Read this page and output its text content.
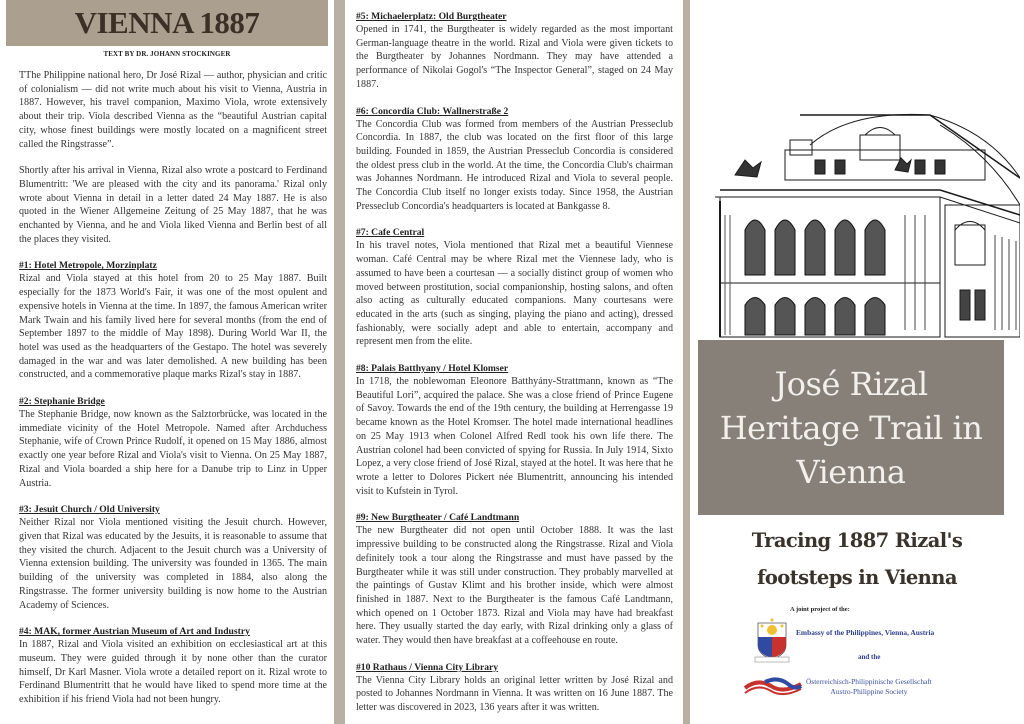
VIENNA 1887
TEXT BY DR. JOHANN STOCKINGER

TThe Philippine national hero, Dr José Rizal — author, physician and critic of colonialism — did not write much about his visit to Vienna, Austria in 1887. However, his travel companion, Maximo Viola, wrote extensively about their trip. Viola described Vienna as the “beautiful Austrian capital city, whose finest buildings were mostly located on a magnificent street called the Ringstrasse”.

Shortly after his arrival in Vienna, Rizal also wrote a postcard to Ferdinand Blumentritt: 'We are pleased with the city and its panorama.' Rizal only wrote about Vienna in detail in a letter dated 24 May 1887. He is also quoted in the Wiener Allgemeine Zeitung of 25 May 1887, that he was enchanted by Vienna, and he and Viola liked Vienna and Berlin best of all the places they visited.

#1: Hotel Metropole, Morzinplatz

Rizal and Viola stayed at this hotel from 20 to 25 May 1887. Built especially for the 1873 World's Fair, it was one of the most opulent and expensive hotels in Vienna at the time. In 1897, the famous American writer Mark Twain and his family lived here for several months (from the end of September 1897 to the middle of May 1898). During World War II, the hotel was used as the headquarters of the Gestapo. The hotel was severely damaged in the war and was later demolished. A new building has been constructed, and a commemorative plaque marks Rizal's stay in 1887.

#2: Stephanie Bridge

The Stephanie Bridge, now known as the Salztorbrücke, was located in the immediate vicinity of the Hotel Metropole. Named after Archduchess Stephanie, wife of Crown Prince Rudolf, it opened on 15 May 1886, almost exactly one year before Rizal and Viola's visit to Vienna. On 25 May 1887, Rizal and Viola boarded a ship here for a Danube trip to Linz in Upper Austria.

#3: Jesuit Church / Old University

Neither Rizal nor Viola mentioned visiting the Jesuit church. However, given that Rizal was educated by the Jesuits, it is reasonable to assume that they visited the church. Adjacent to the Jesuit church was a University of Vienna extension building. The university was founded in 1365. The main building of the university was completed in 1884, also along the Ringstrasse. The former university building is now home to the Austrian Academy of Sciences.

#4: MAK, former Austrian Museum of Art and Industry

In 1887, Rizal and Viola visited an exhibition on ecclesiastical art at this museum. They were guided through it by none other than the curator himself, Dr Karl Masner. Viola wrote a detailed report on it. Rizal wrote to Ferdinand Blumentritt that he would have liked to spend more time at the exhibition if his friend Viola had not been hungry.

#5: Michaelerplatz: Old Burgtheater

Opened in 1741, the Burgtheater is widely regarded as the most important German-language theatre in the world. Rizal and Viola were given tickets to the Burgtheater by Johannes Nordmann. They may have attended a performance of Nikolai Gogol's “The Inspector General”, staged on 24 May 1887.

#6: Concordia Club: Wallnerstraße 2

The Concordia Club was formed from members of the Austrian Presseclub Concordia. In 1887, the club was located on the first floor of this large building. Founded in 1859, the Austrian Presseclub Concordia is considered the oldest press club in the world. At the time, the Concordia Club's chairman was Johannes Nordmann. He introduced Rizal and Viola to several people. The Concordia Club itself no longer exists today. Since 1958, the Austrian Presseclub Concordia's headquarters is located at Bankgasse 8.

#7: Cafe Central

In his travel notes, Viola mentioned that Rizal met a beautiful Viennese woman. Café Central may be where Rizal met the Viennese lady, who is assumed to have been a courtesan — a socially distinct group of women who moved between prostitution, social companionship, hosting salons, and often also acting as culturally educated companions. Many courtesans were educated in the arts (such as singing, playing the piano and acting), dressed fashionably, were socially adept and able to entertain, accompany and represent men from the elite.

#8: Palais Batthyany / Hotel Klomser

In 1718, the noblewoman Eleonore Batthyány-Strattmann, known as “The Beautiful Lori”, acquired the palace. She was a close friend of Prince Eugene of Savoy. Towards the end of the 19th century, the building at Herrengasse 19 became known as the Hotel Kromser. The hotel made international headlines on 25 May 1913 when Colonel Alfred Redl took his own life there. The Austrian colonel had been convicted of spying for Russia. In July 1914, Sixto Lopez, a very close friend of José Rizal, stayed at the hotel. It was here that he wrote a letter to Dolores Pickert née Blumentritt, announcing his intended visit to Kufstein in Tyrol.

#9: New Burgtheater / Café Landtmann

The new Burgtheater did not open until October 1888. It was the last impressive building to be constructed along the Ringstrasse. Rizal and Viola definitely took a tour along the Ringstrasse and must have passed by the Burgtheater while it was still under construction. They probably marvelled at the paintings of Gustav Klimt and his brother inside, which were almost finished in 1887. Next to the Burgtheater is the famous Café Landtmann, which opened on 1 October 1873. Rizal and Viola may have had breakfast here. They usually started the day early, with Rizal drinking only a glass of water. They would then have breakfast at a coffeehouse en route.

#10 Rathaus / Vienna City Library

The Vienna City Library holds an original letter written by José Rizal and posted to Johannes Nordmann in Vienna. It was written on 16 June 1887. The letter was discovered in 2023, 136 years after it was written.

José Rizal
Heritage Trail in
Vienna
Tracing 1887 Rizal's
footsteps in Vienna
A joint project of the:
Embassy of the Philippines, Vienna, Austria
and the
Österreichisch-Philippinische Gesellschaft
Austro-Philippine Society
